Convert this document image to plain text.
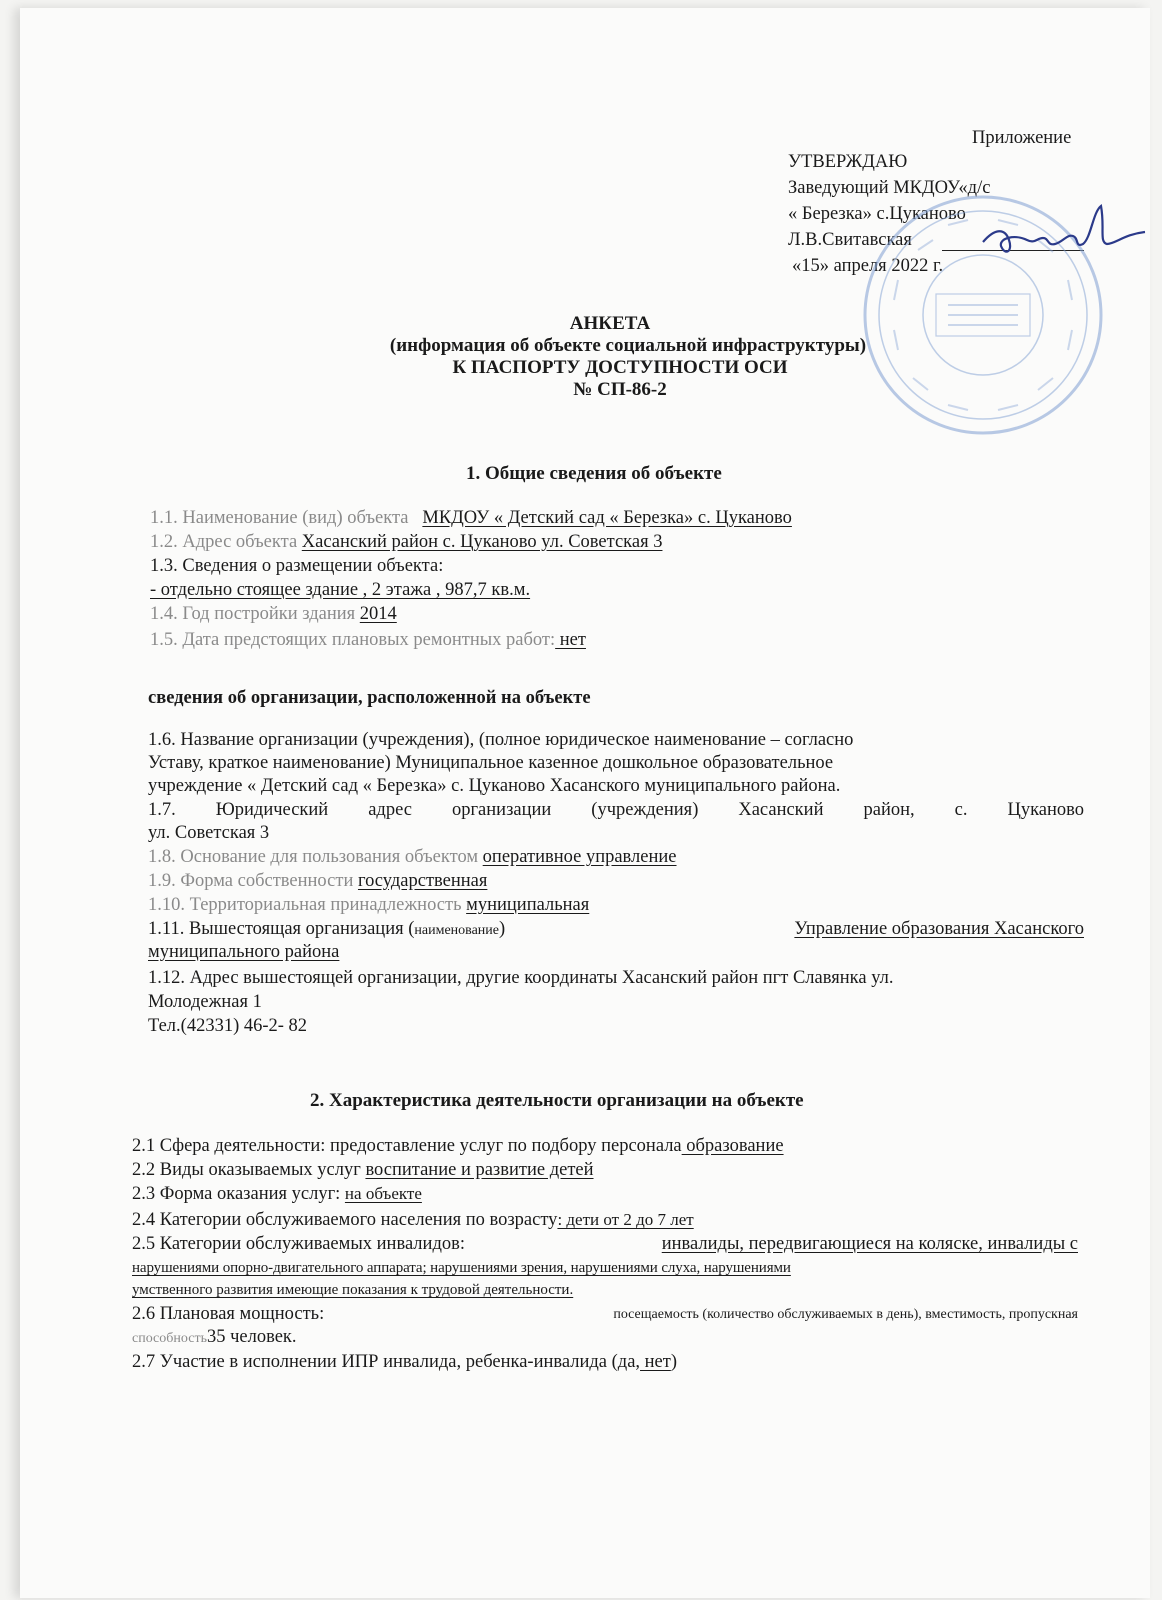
Приложение
УТВЕРЖДАЮ
Заведующий МКДОУ«д/с
« Березка» с.Цуканово
Л.В.Свитавская
«15» апреля 2022 г.
АНКЕТА
(информация об объекте социальной инфраструктуры)
К ПАСПОРТУ ДОСТУПНОСТИ ОСИ
№ СП-86-2
1. Общие сведения об объекте
1.1. Наименование (вид) объекта МКДОУ « Детский сад « Березка» с. Цуканово
1.2. Адрес объекта Хасанский район с. Цуканово ул. Советская 3
1.3. Сведения о размещении объекта:
- отдельно стоящее здание , 2 этажа , 987,7 кв.м.
1.4. Год постройки здания 2014
1.5. Дата предстоящих плановых ремонтных работ: нет
сведения об организации, расположенной на объекте
1.6. Название организации (учреждения), (полное юридическое наименование – согласно
Уставу, краткое наименование) Муниципальное казенное дошкольное образовательное
учреждение « Детский сад « Березка» с. Цуканово Хасанского муниципального района.
1.7. Юридический адрес организации (учреждения) Хасанский район, с. Цуканово
ул. Советская 3
1.8. Основание для пользования объектом оперативное управление
1.9. Форма собственности государственная
1.10. Территориальная принадлежность муниципальная
1.11. Вышестоящая организация (наименование)	Управление образования Хасанского
муниципального района
1.12. Адрес вышестоящей организации, другие координаты Хасанский район пгт Славянка ул.
Молодежная 1
Тел.(42331) 46-2- 82
2. Характеристика деятельности организации на объекте
2.1 Сфера деятельности: предоставление услуг по подбору персонала образование
2.2 Виды оказываемых услуг воспитание и развитие детей
2.3 Форма оказания услуг: на объекте
2.4 Категории обслуживаемого населения по возрасту: дети от 2 до 7 лет
2.5 Категории обслуживаемых инвалидов:	инвалиды, передвигающиеся на коляске, инвалиды с
нарушениями опорно-двигательного аппарата; нарушениями зрения, нарушениями слуха, нарушениями
умственного развития имеющие показания к трудовой деятельности.
2.6 Плановая мощность:	посещаемость (количество обслуживаемых в день), вместимость, пропускная
способность35 человек.
2.7 Участие в исполнении ИПР инвалида, ребенка-инвалида (да, нет)
